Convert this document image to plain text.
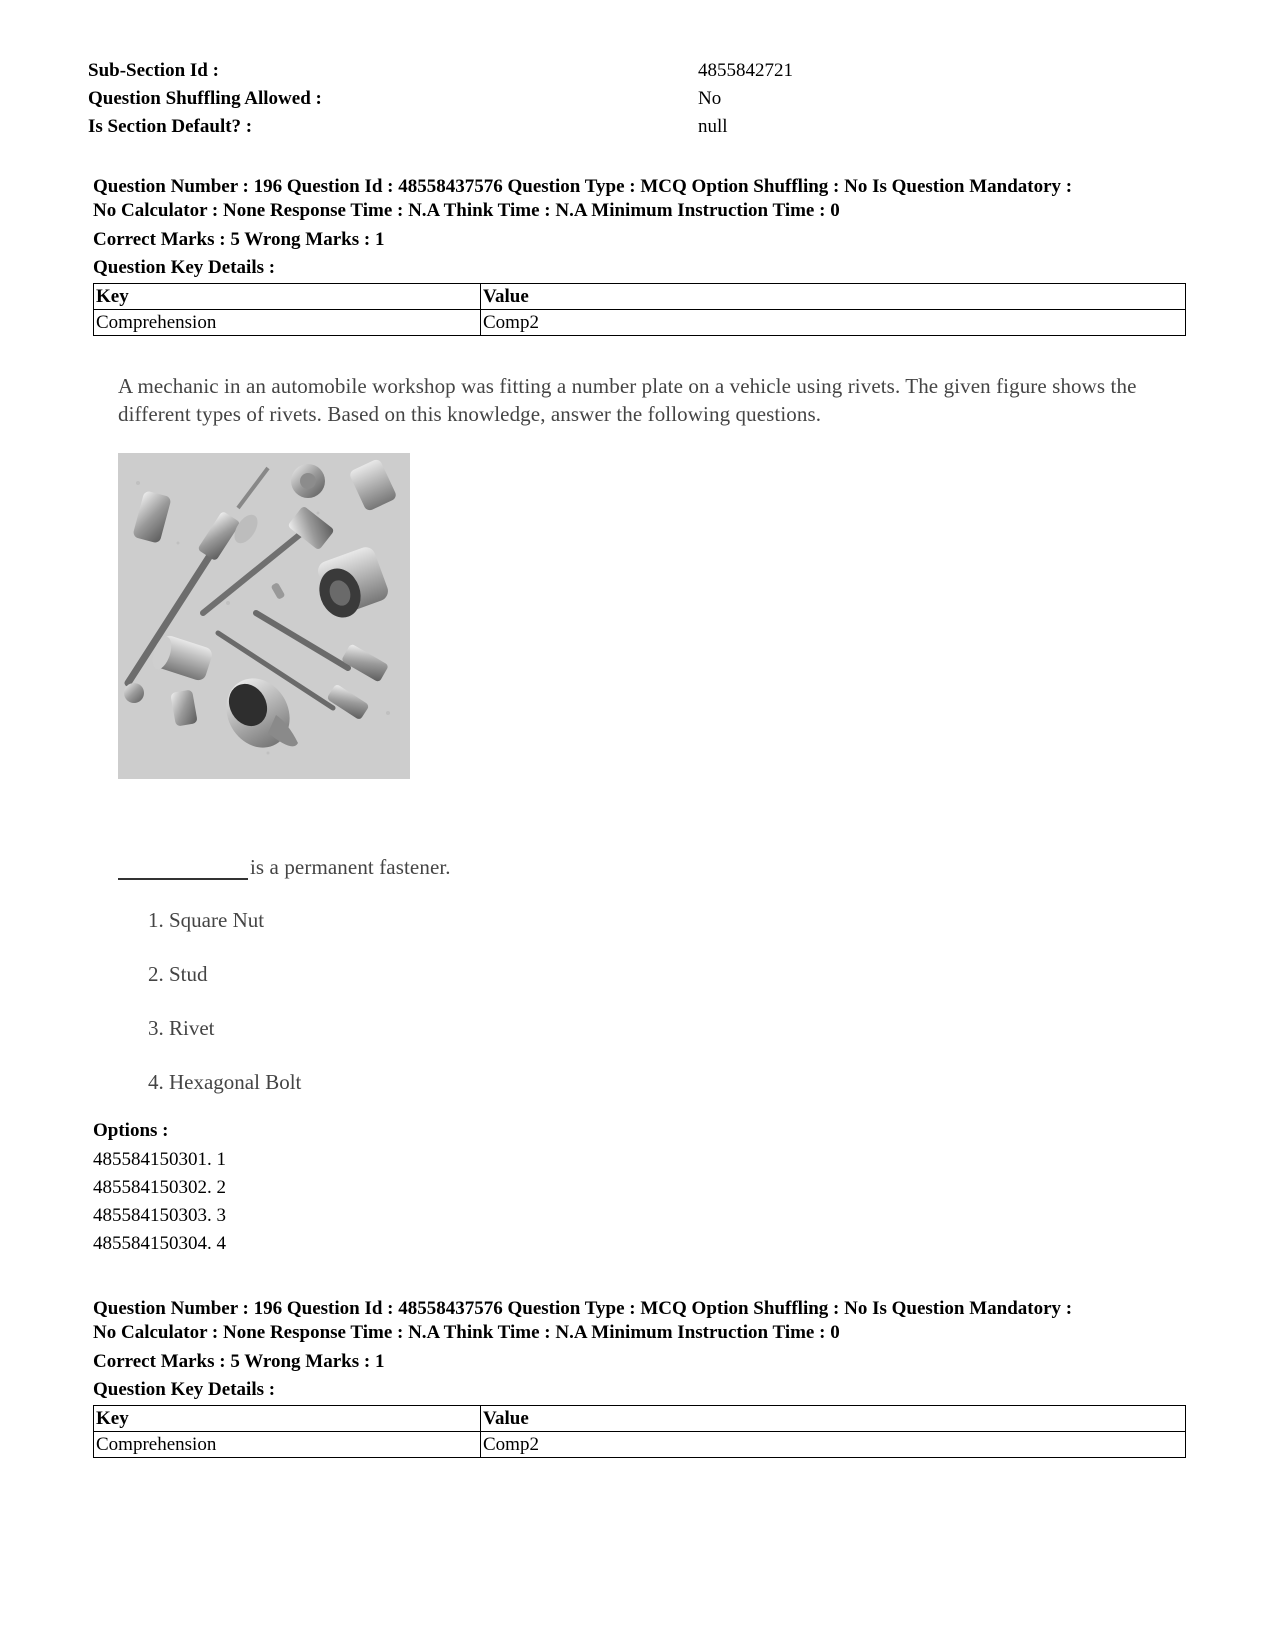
Sub-Section Id :	4855842721
Question Shuffling Allowed :	No
Is Section Default? :	null
Question Number : 196 Question Id : 48558437576 Question Type : MCQ Option Shuffling : No Is Question Mandatory :
No Calculator : None Response Time : N.A Think Time : N.A Minimum Instruction Time : 0
Correct Marks : 5 Wrong Marks : 1
Question Key Details :
Key	Value
Comprehension	Comp2
A mechanic in an automobile workshop was fitting a number plate on a vehicle using rivets. The given figure shows the different types of rivets. Based on this knowledge, answer the following questions.
is a permanent fastener.
1. Square Nut
2. Stud
3. Rivet
4. Hexagonal Bolt
Options :
485584150301. 1
485584150302. 2
485584150303. 3
485584150304. 4
Question Number : 196 Question Id : 48558437576 Question Type : MCQ Option Shuffling : No Is Question Mandatory :
No Calculator : None Response Time : N.A Think Time : N.A Minimum Instruction Time : 0
Correct Marks : 5 Wrong Marks : 1
Question Key Details :
Key	Value
Comprehension	Comp2
